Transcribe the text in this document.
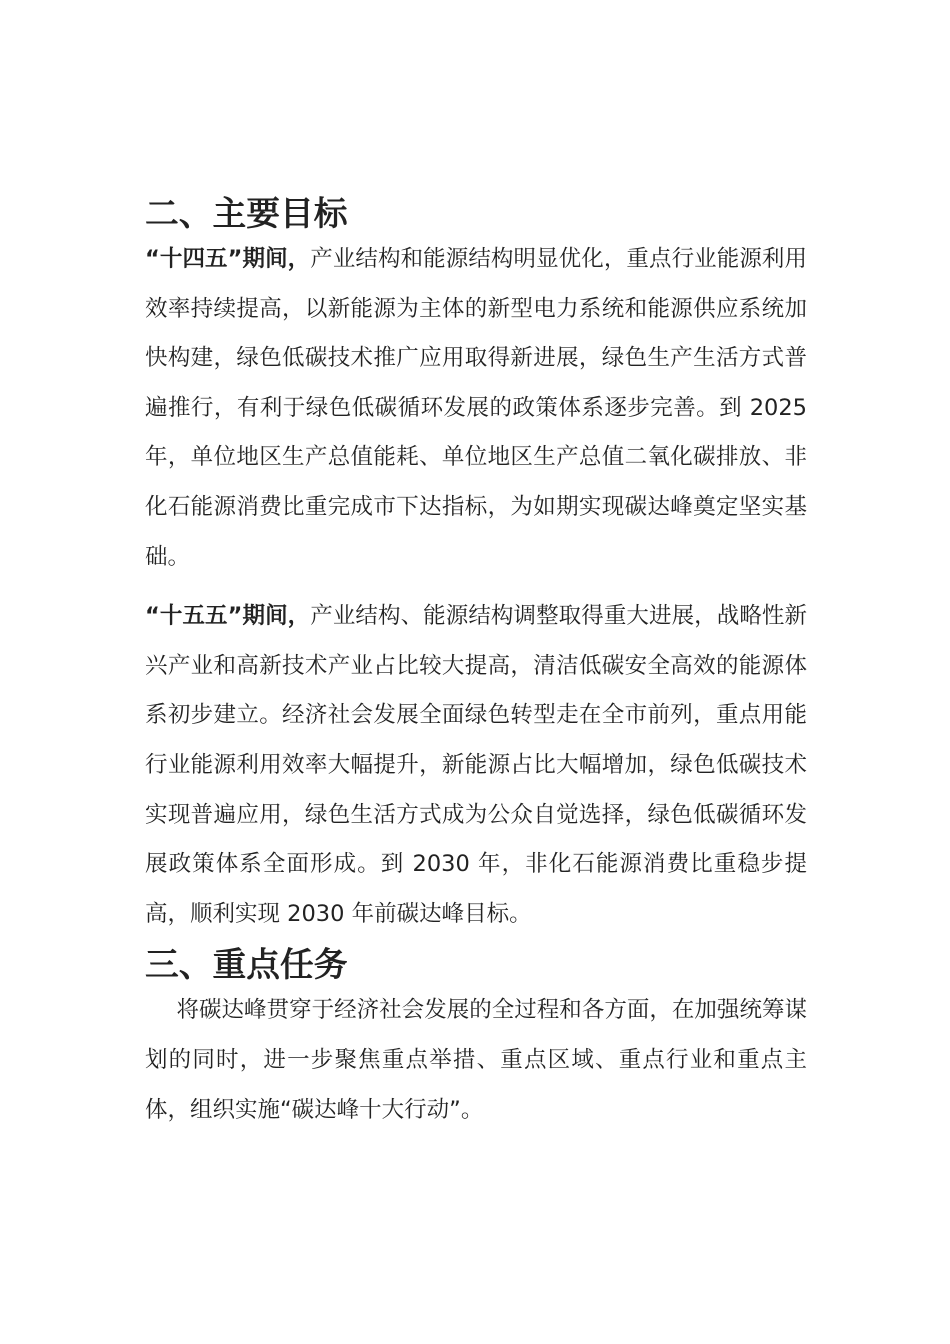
二、主要目标

“十四五”期间，产业结构和能源结构明显优化，重点行业能源利用效率持续提高，以新能源为主体的新型电力系统和能源供应系统加快构建，绿色低碳技术推广应用取得新进展，绿色生产生活方式普遍推行，有利于绿色低碳循环发展的政策体系逐步完善。到 2025 年，单位地区生产总值能耗、单位地区生产总值二氧化碳排放、非化石能源消费比重完成市下达指标，为如期实现碳达峰奠定坚实基础。

“十五五”期间，产业结构、能源结构调整取得重大进展，战略性新兴产业和高新技术产业占比较大提高，清洁低碳安全高效的能源体系初步建立。经济社会发展全面绿色转型走在全市前列，重点用能行业能源利用效率大幅提升，新能源占比大幅增加，绿色低碳技术实现普遍应用，绿色生活方式成为公众自觉选择，绿色低碳循环发展政策体系全面形成。到 2030 年，非化石能源消费比重稳步提高，顺利实现 2030 年前碳达峰目标。

三、重点任务

将碳达峰贯穿于经济社会发展的全过程和各方面，在加强统筹谋划的同时，进一步聚焦重点举措、重点区域、重点行业和重点主体，组织实施“碳达峰十大行动”。
